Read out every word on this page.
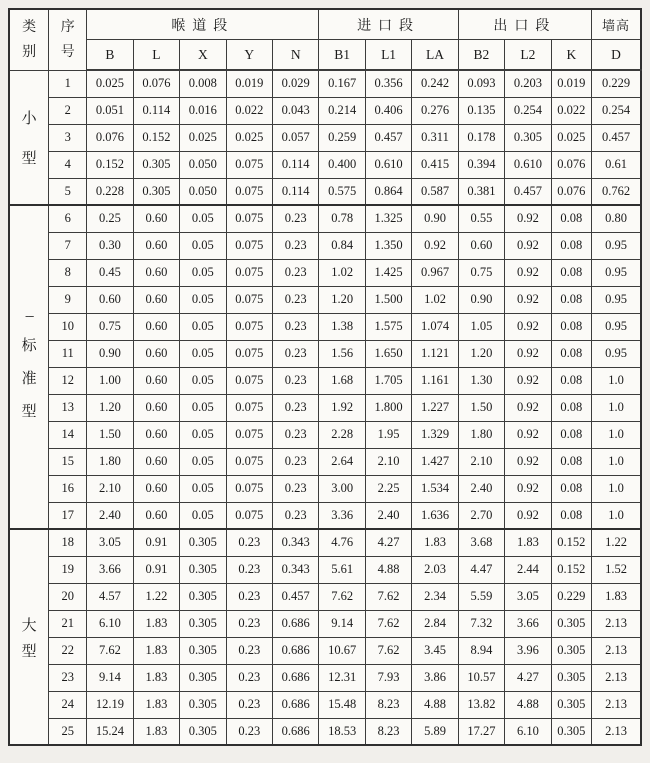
类
别

序
号
	喉道段	进口段	出口段	墙高
		B	L	X	Y	N	B1	L1	LA	B2	L2	K	D

小
型	1	0.025	0.076	0.008	0.019	0.029	0.167	0.356	0.242	0.093	0.203	0.019	0.229
	2	0.051	0.114	0.016	0.022	0.043	0.214	0.406	0.276	0.135	0.254	0.022	0.254
	3	0.076	0.152	0.025	0.025	0.057	0.259	0.457	0.311	0.178	0.305	0.025	0.457
	4	0.152	0.305	0.050	0.075	0.114	0.400	0.610	0.415	0.394	0.610	0.076	0.61
	5	0.228	0.305	0.050	0.075	0.114	0.575	0.864	0.587	0.381	0.457	0.076	0.762

---
标
准
型	6	0.25	0.60	0.05	0.075	0.23	0.78	1.325	0.90	0.55	0.92	0.08	0.80
	7	0.30	0.60	0.05	0.075	0.23	0.84	1.350	0.92	0.60	0.92	0.08	0.95
	8	0.45	0.60	0.05	0.075	0.23	1.02	1.425	0.967	0.75	0.92	0.08	0.95
	9	0.60	0.60	0.05	0.075	0.23	1.20	1.500	1.02	0.90	0.92	0.08	0.95
	10	0.75	0.60	0.05	0.075	0.23	1.38	1.575	1.074	1.05	0.92	0.08	0.95
	11	0.90	0.60	0.05	0.075	0.23	1.56	1.650	1.121	1.20	0.92	0.08	0.95
	12	1.00	0.60	0.05	0.075	0.23	1.68	1.705	1.161	1.30	0.92	0.08	1.0
	13	1.20	0.60	0.05	0.075	0.23	1.92	1.800	1.227	1.50	0.92	0.08	1.0
	14	1.50	0.60	0.05	0.075	0.23	2.28	1.95	1.329	1.80	0.92	0.08	1.0
	15	1.80	0.60	0.05	0.075	0.23	2.64	2.10	1.427	2.10	0.92	0.08	1.0
	16	2.10	0.60	0.05	0.075	0.23	3.00	2.25	1.534	2.40	0.92	0.08	1.0
	17	2.40	0.60	0.05	0.075	0.23	3.36	2.40	1.636	2.70	0.92	0.08	1.0

大
型	18	3.05	0.91	0.305	0.23	0.343	4.76	4.27	1.83	3.68	1.83	0.152	1.22
	19	3.66	0.91	0.305	0.23	0.343	5.61	4.88	2.03	4.47	2.44	0.152	1.52
	20	4.57	1.22	0.305	0.23	0.457	7.62	7.62	2.34	5.59	3.05	0.229	1.83
	21	6.10	1.83	0.305	0.23	0.686	9.14	7.62	2.84	7.32	3.66	0.305	2.13
	22	7.62	1.83	0.305	0.23	0.686	10.67	7.62	3.45	8.94	3.96	0.305	2.13
	23	9.14	1.83	0.305	0.23	0.686	12.31	7.93	3.86	10.57	4.27	0.305	2.13
	24	12.19	1.83	0.305	0.23	0.686	15.48	8.23	4.88	13.82	4.88	0.305	2.13
	25	15.24	1.83	0.305	0.23	0.686	18.53	8.23	5.89	17.27	6.10	0.305	2.13
